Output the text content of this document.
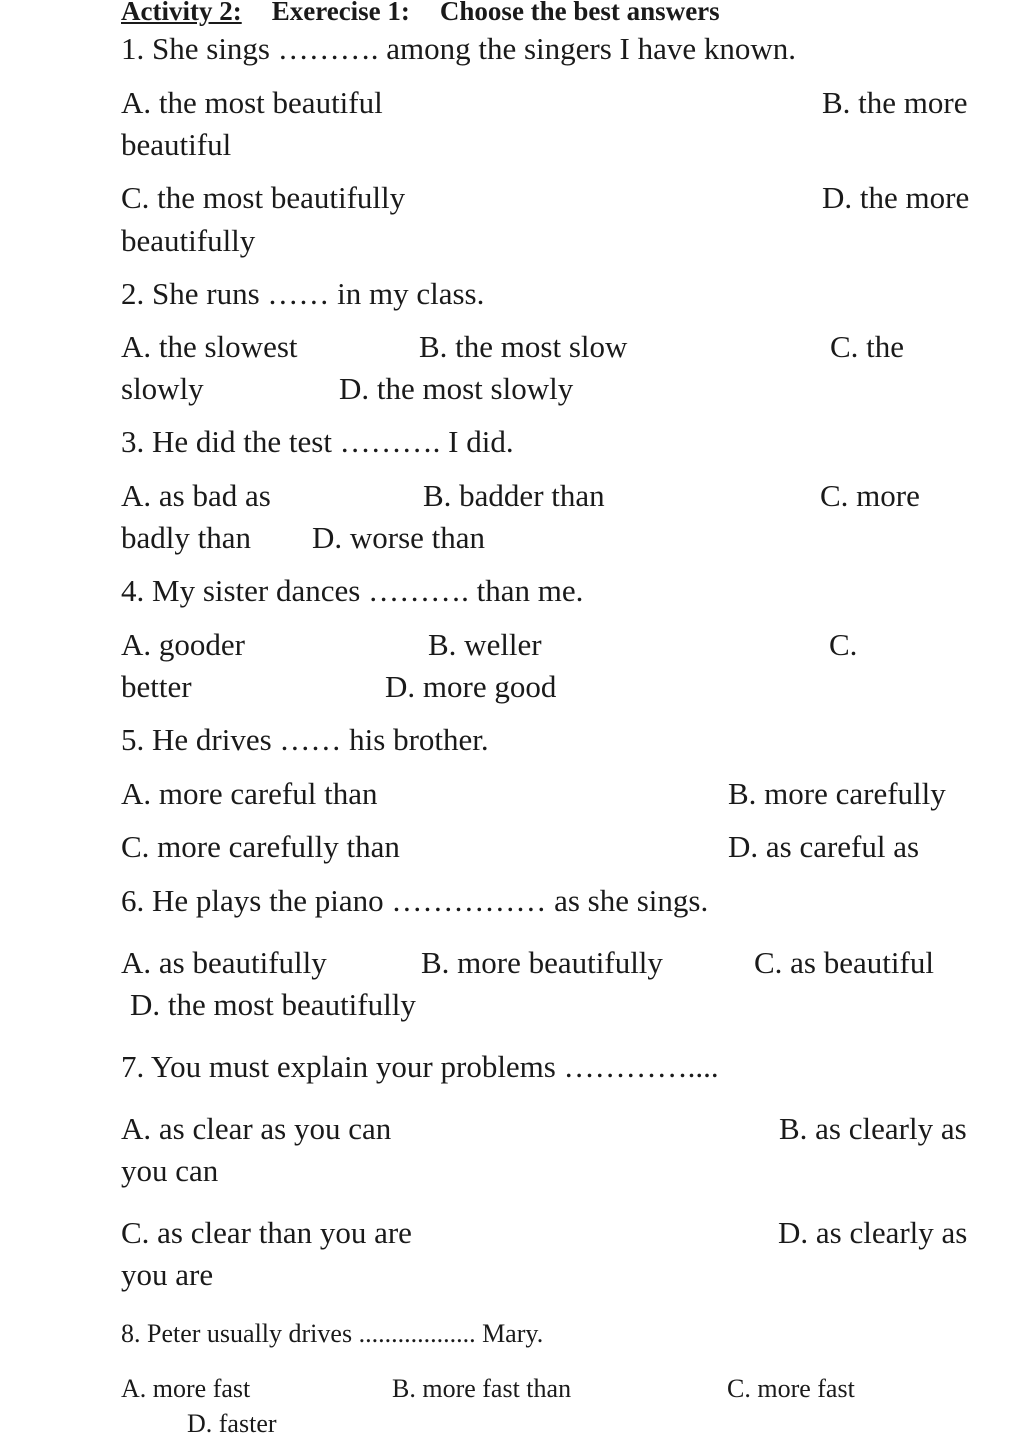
Activity 2: Exerecise 1: Choose the best answers
1. She sings ………. among the singers I have known.
A. the most beautiful	B. the more
beautiful
C. the most beautifully	D. the more
beautifully
2. She runs …… in my class.
A. the slowest	B. the most slow	C. the
slowly	D. the most slowly
3. He did the test ………. I did.
A. as bad as	B. badder than	C. more
badly than D. worse than
4. My sister dances ………. than me.
A. gooder	B. weller	C.
better	D. more good
5. He drives …… his brother.
A. more careful than	B. more carefully
C. more carefully than	D. as careful as
6. He plays the piano …………… as she sings.
A. as beautifully	B. more beautifully	C. as beautiful
D. the most beautifully
7. You must explain your problems …………....
A. as clear as you can	B. as clearly as
you can
C. as clear than you are	D. as clearly as
you are
8. Peter usually drives .................. Mary.
A. more fast	B. more fast than	C. more fast
D. faster
